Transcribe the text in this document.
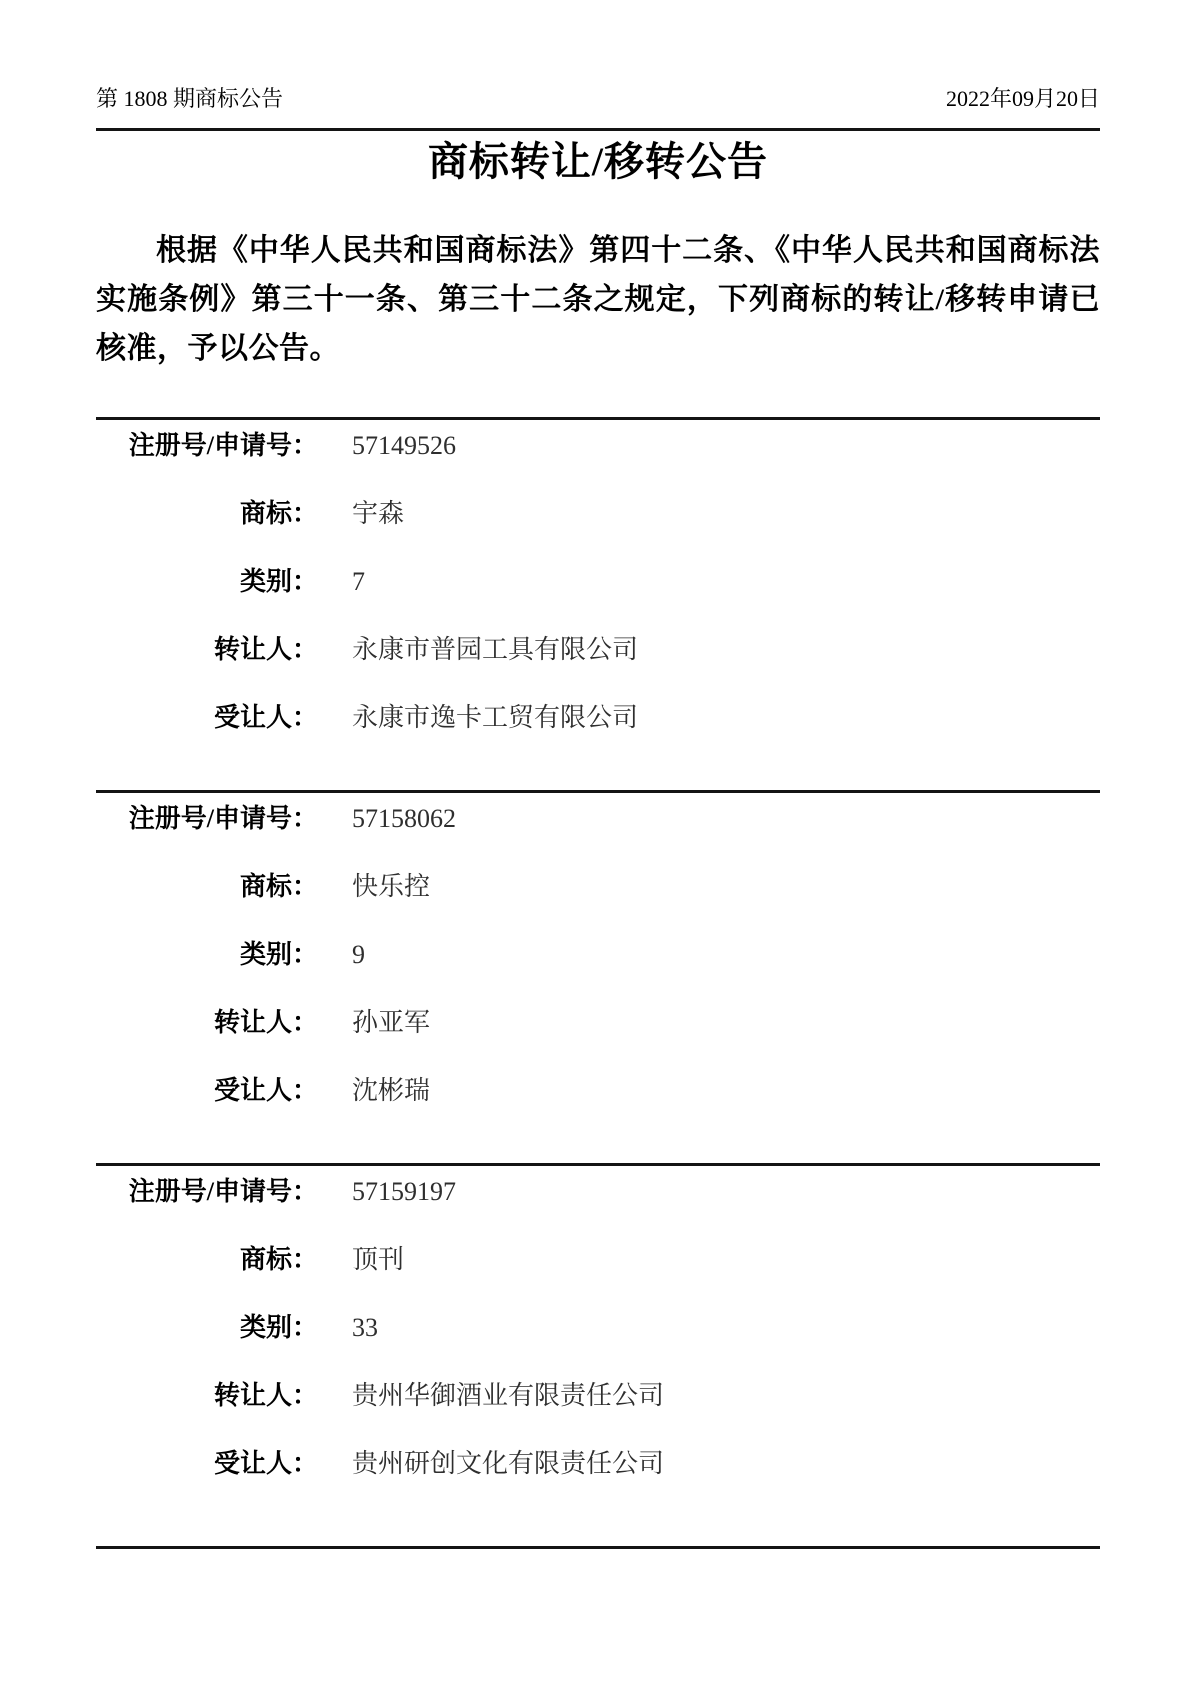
第 1808 期商标公告	2022年09月20日
商标转让/移转公告

根据《中华人民共和国商标法》第四十二条、《中华人民共和国商标法实施条例》第三十一条、第三十二条之规定，下列商标的转让/移转申请已核准，予以公告。

注册号/申请号：	57149526
商标：	宇森
类别：	7
转让人：	永康市普园工具有限公司
受让人：	永康市逸卡工贸有限公司
注册号/申请号：	57158062
商标：	快乐控
类别：	9
转让人：	孙亚军
受让人：	沈彬瑞
注册号/申请号：	57159197
商标：	顶刊
类别：	33
转让人：	贵州华御酒业有限责任公司
受让人：	贵州研创文化有限责任公司
